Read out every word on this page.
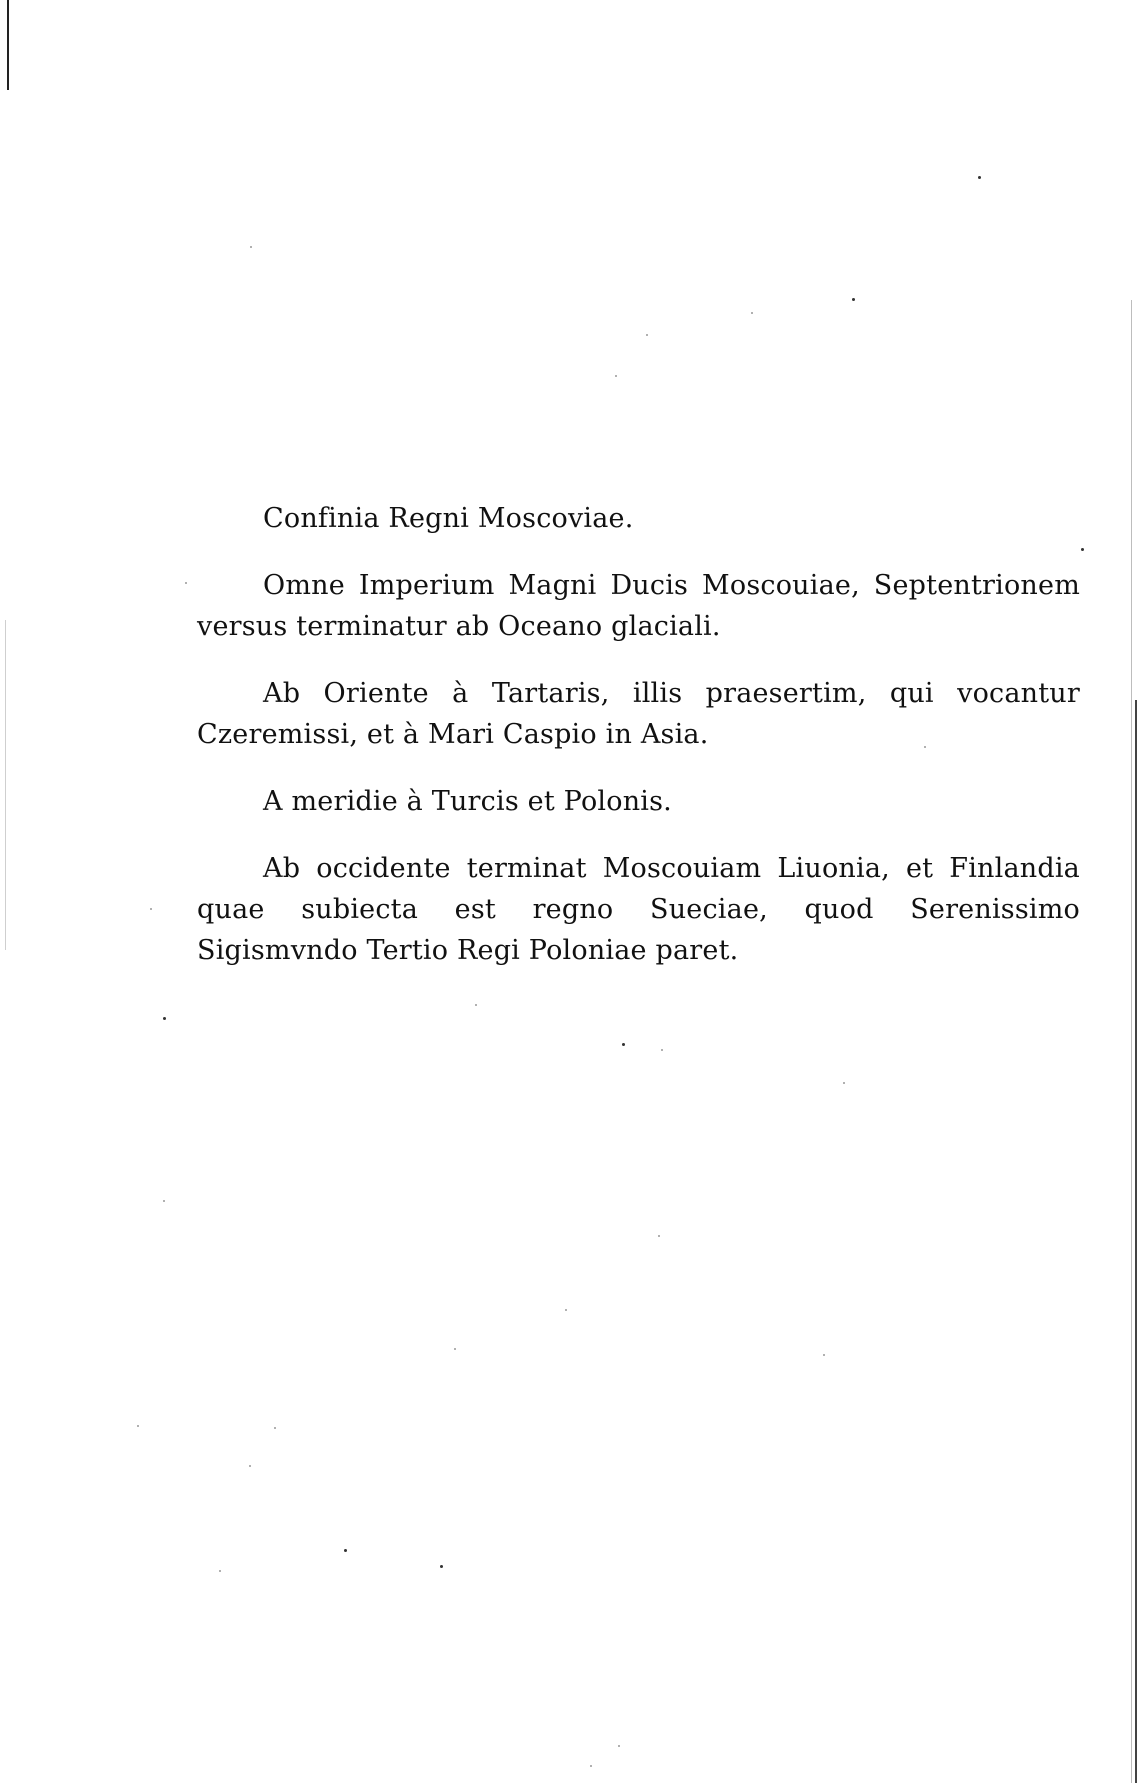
Confinia Regni Moscoviae.

Omne Imperium Magni Ducis Moscouiae, Septentrionem versus terminatur ab Oceano glaciali.

Ab Oriente à Tartaris, illis praesertim, qui vocantur Czeremissi, et à Mari Caspio in Asia.

A meridie à Turcis et Polonis.

Ab occidente terminat Moscouiam Liuonia, et Finlandia quae subiecta est regno Sueciae, quod Serenissimo Sigismvndo Tertio Regi Poloniae paret.
